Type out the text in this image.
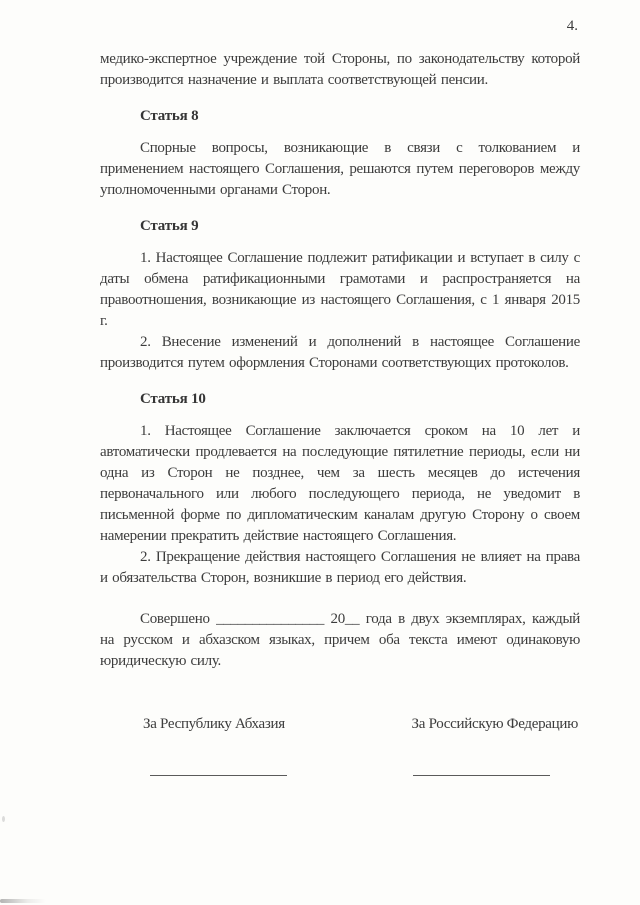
4.

медико-экспертное учреждение той Стороны, по законодательству которой производится назначение и выплата соответствующей пенсии.

Статья 8

Спорные вопросы, возникающие в связи с толкованием и применением настоящего Соглашения, решаются путем переговоров между уполномоченными органами Сторон.

Статья 9

1. Настоящее Соглашение подлежит ратификации и вступает в силу с даты обмена ратификационными грамотами и распространяется на правоотношения, возникающие из настоящего Соглашения, с 1 января 2015 г.

2. Внесение изменений и дополнений в настоящее Соглашение производится путем оформления Сторонами соответствующих протоколов.

Статья 10

1. Настоящее Соглашение заключается сроком на 10 лет и автоматически продлевается на последующие пятилетние периоды, если ни одна из Сторон не позднее, чем за шесть месяцев до истечения первоначального или любого последующего периода, не уведомит в письменной форме по дипломатическим каналам другую Сторону о своем намерении прекратить действие настоящего Соглашения.

2. Прекращение действия настоящего Соглашения не влияет на права и обязательства Сторон, возникшие в период его действия.

Совершено _______________ 20__ года в двух экземплярах, каждый на русском и абхазском языках, причем оба текста имеют одинаковую юридическую силу.

За Республику Абхазия	За Российскую Федерацию
